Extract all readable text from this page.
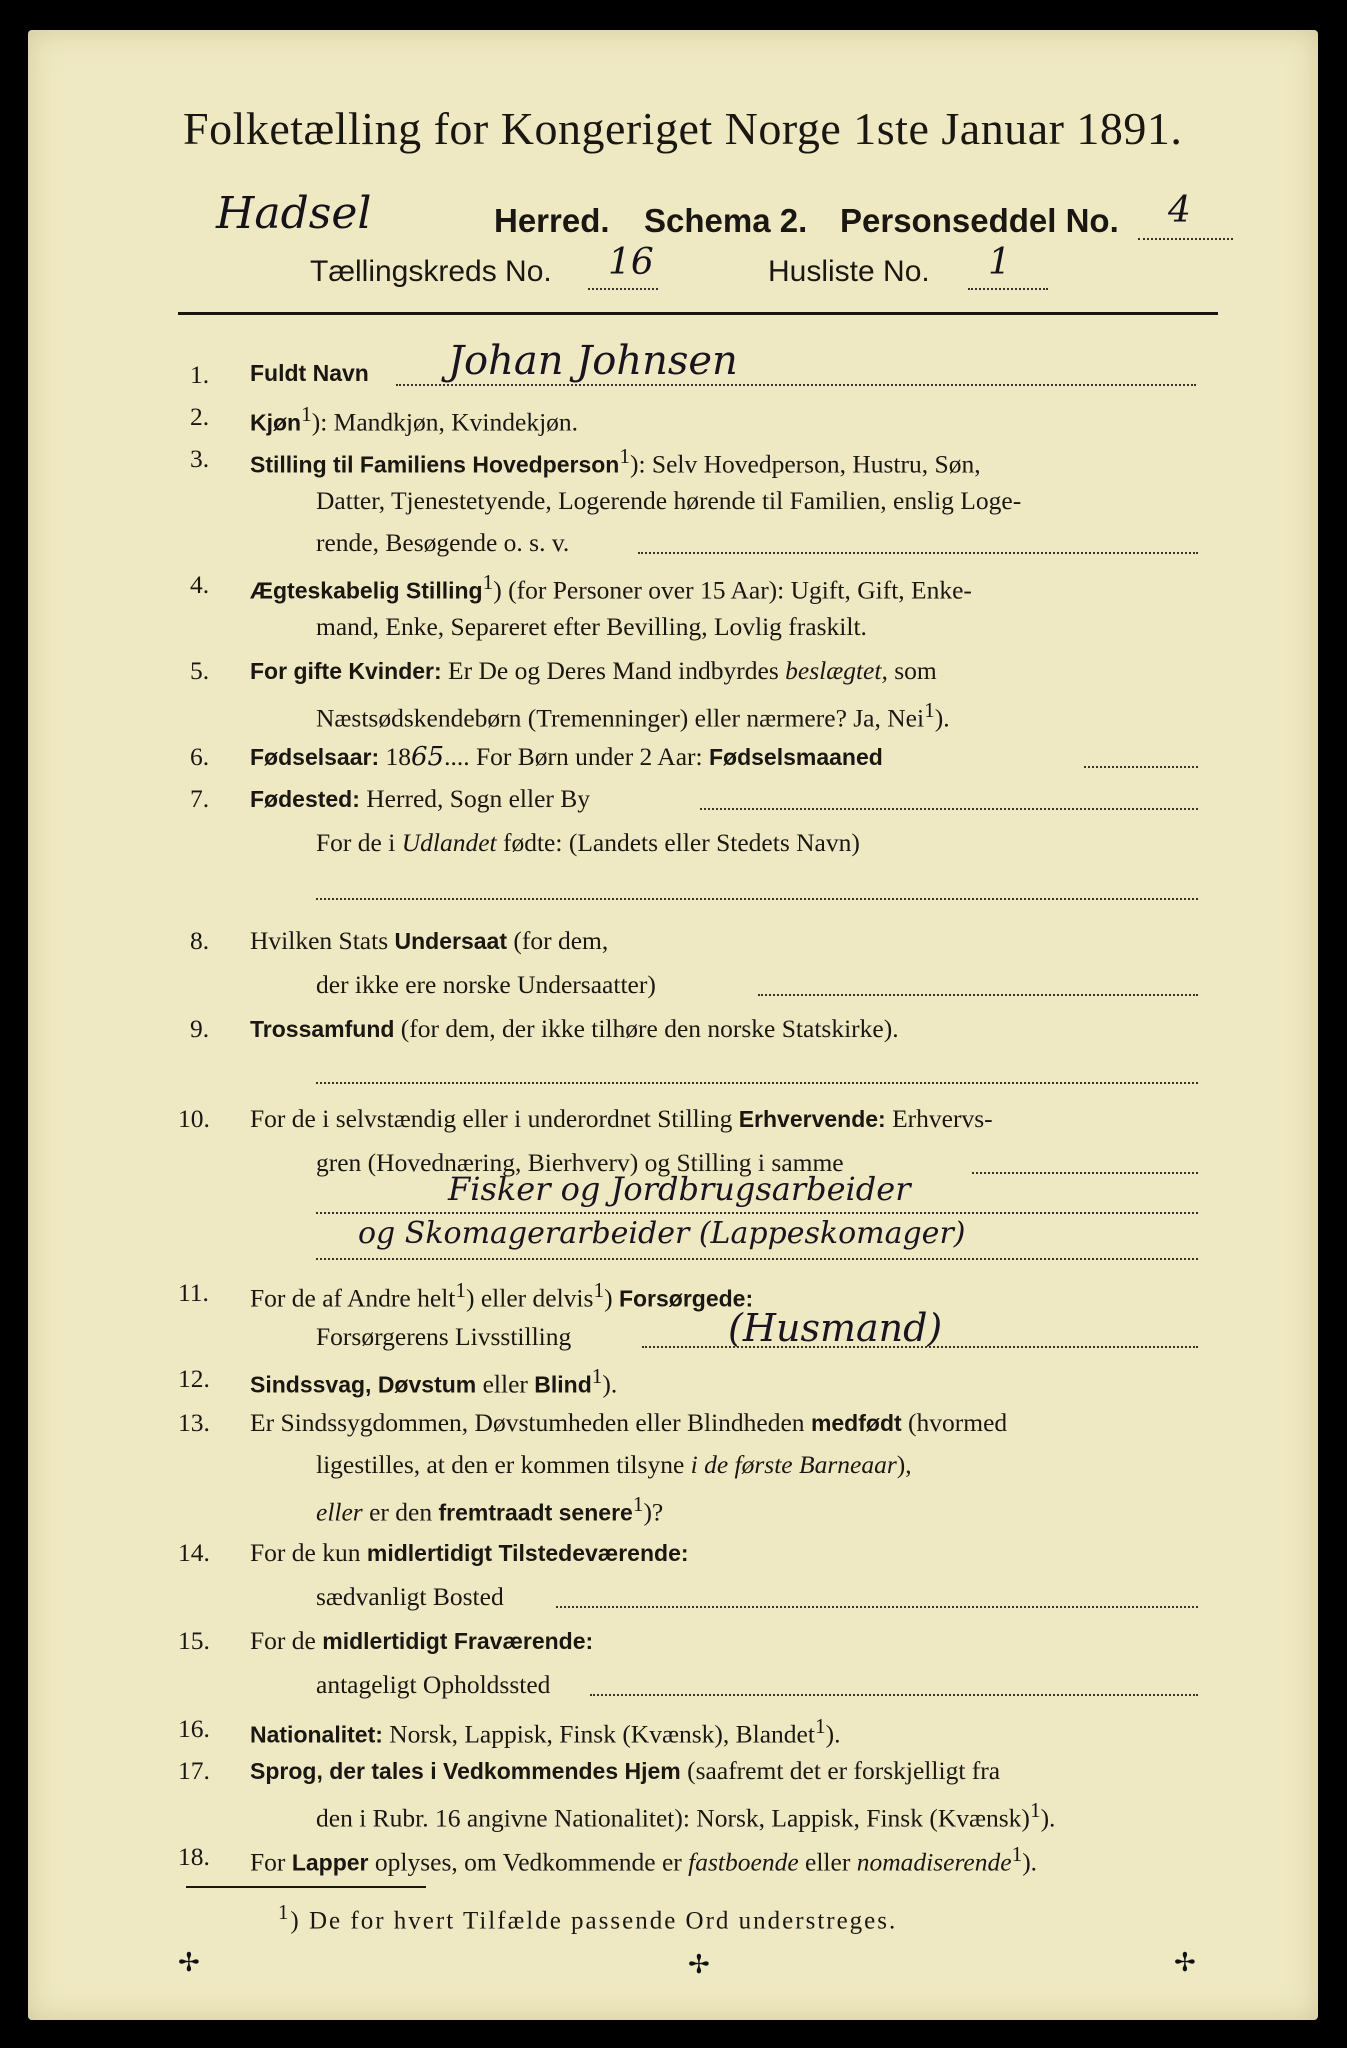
Folketælling for Kongeriget Norge 1ste Januar 1891.
Hadsel	Herred. Schema 2. Personseddel No. 4
Tællingskreds No. 16	Husliste No. 1
1. Fuldt Navn Johan Johnsen
2. Kjøn$^1$): Mandkjøn, Kvindekjøn.
3. Stilling til Familiens Hovedperson$^1$): Selv Hovedperson, Hustru, Søn,
Datter, Tjenestetyende, Logerende hørende til Familien, enslig Loge-
rende, Besøgende o. s. v.
4. Ægteskabelig Stilling$^1$) (for Personer over 15 Aar): Ugift, Gift, Enke-
mand, Enke, Separeret efter Bevilling, Lovlig fraskilt.
5. For gifte Kvinder: Er De og Deres Mand indbyrdes beslægtet, som
Næstsødskendebørn (Tremenninger) eller nærmere? Ja, Nei$^1$).
6. Fødselsaar: 1865.... For Børn under 2 Aar: Fødselsmaaned
7. Fødested: Herred, Sogn eller By
For de i Udlandet fødte: (Landets eller Stedets Navn)
8. Hvilken Stats Undersaat (for dem,
der ikke ere norske Undersaatter)
9. Trossamfund (for dem, der ikke tilhøre den norske Statskirke).
10. For de i selvstændig eller i underordnet Stilling Erhvervende: Erhvervs-
gren (Hovednæring, Bierhverv) og Stilling i samme
Fisker og Jordbrugsarbeider
og Skomagerarbeider (Lappeskomager)
11. For de af Andre helt$^1$) eller delvis$^1$) Forsørgede:
Forsørgerens Livsstilling	(Husmand)
12. Sindssvag, Døvstum eller Blind$^1$).
13. Er Sindssygdommen, Døvstumheden eller Blindheden medfødt (hvormed
ligestilles, at den er kommen tilsyne i de første Barneaar),
eller er den fremtraadt senere$^1$)?
14. For de kun midlertidigt Tilstedeværende:
sædvanligt Bosted
15. For de midlertidigt Fraværende:
antageligt Opholdssted
16. Nationalitet: Norsk, Lappisk, Finsk (Kvænsk), Blandet$^1$).
17. Sprog, der tales i Vedkommendes Hjem (saafremt det er forskjelligt fra
den i Rubr. 16 angivne Nationalitet): Norsk, Lappisk, Finsk (Kvænsk)$^1$).
18. For Lapper oplyses, om Vedkommende er fastboende eller nomadiserende$^1$).
$^1$) De for hvert Tilfælde passende Ord understreges.
✢	✢	✢
